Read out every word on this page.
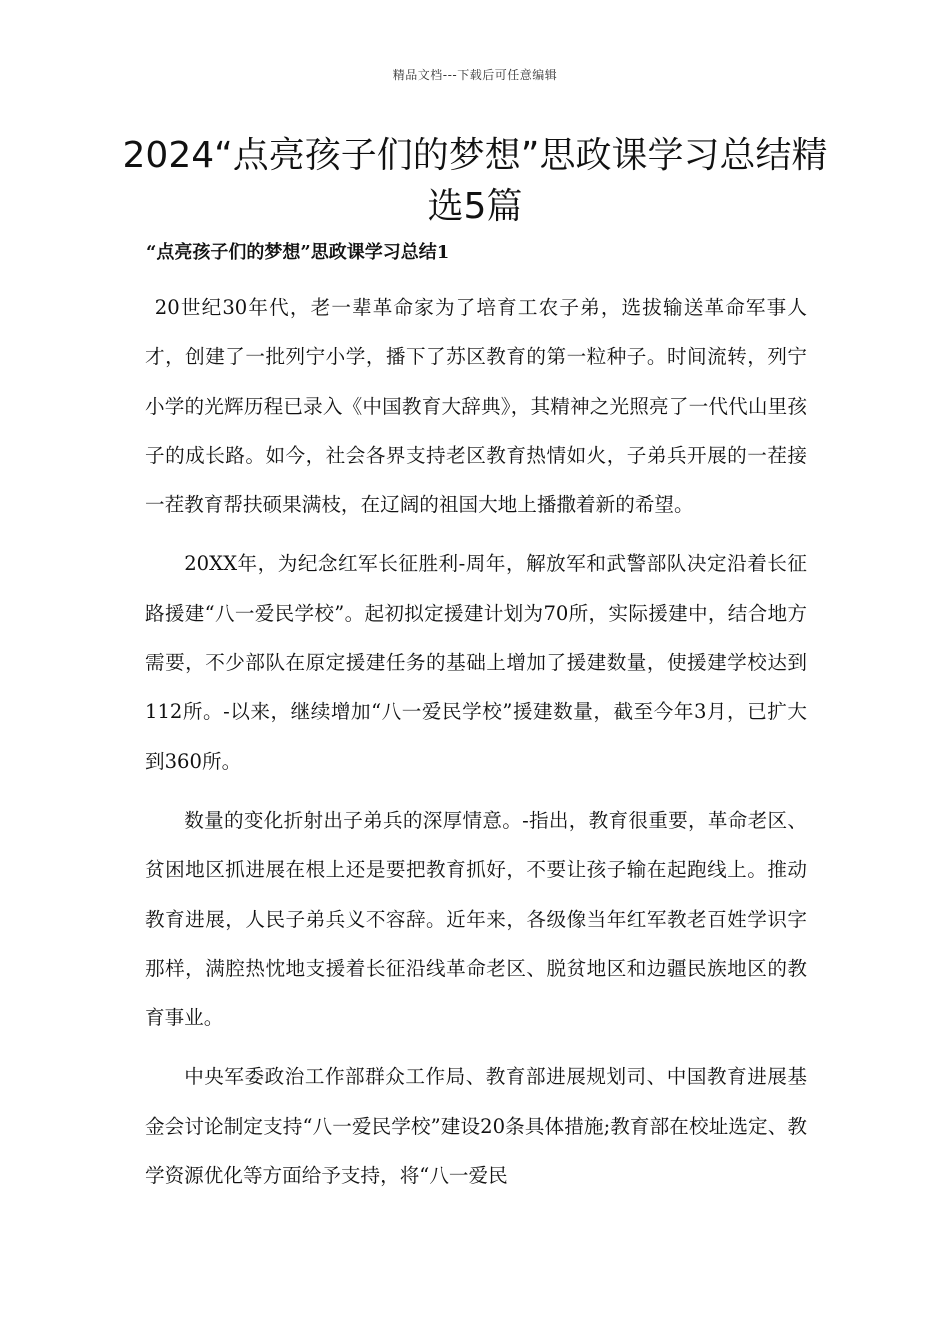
精品文档---下载后可任意编辑
2024“点亮孩子们的梦想”思政课学习总结精选5篇
“点亮孩子们的梦想”思政课学习总结1

20世纪30年代，老一辈革命家为了培育工农子弟，选拔输送革命军事人才，创建了一批列宁小学，播下了苏区教育的第一粒种子。时间流转，列宁小学的光辉历程已录入《中国教育大辞典》，其精神之光照亮了一代代山里孩子的成长路。如今，社会各界支持老区教育热情如火，子弟兵开展的一茬接一茬教育帮扶硕果满枝，在辽阔的祖国大地上播撒着新的希望。

20XX年，为纪念红军长征胜利-周年，解放军和武警部队决定沿着长征路援建“八一爱民学校”。起初拟定援建计划为70所，实际援建中，结合地方需要，不少部队在原定援建任务的基础上增加了援建数量，使援建学校达到112所。-以来，继续增加“八一爱民学校”援建数量，截至今年3月，已扩大到360所。

数量的变化折射出子弟兵的深厚情意。-指出，教育很重要，革命老区、贫困地区抓进展在根上还是要把教育抓好，不要让孩子输在起跑线上。推动教育进展，人民子弟兵义不容辞。近年来，各级像当年红军教老百姓学识字那样，满腔热忱地支援着长征沿线革命老区、脱贫地区和边疆民族地区的教育事业。

中央军委政治工作部群众工作局、教育部进展规划司、中国教育进展基金会讨论制定支持“八一爱民学校”建设20条具体措施;教育部在校址选定、教学资源优化等方面给予支持，将“八一爱民
